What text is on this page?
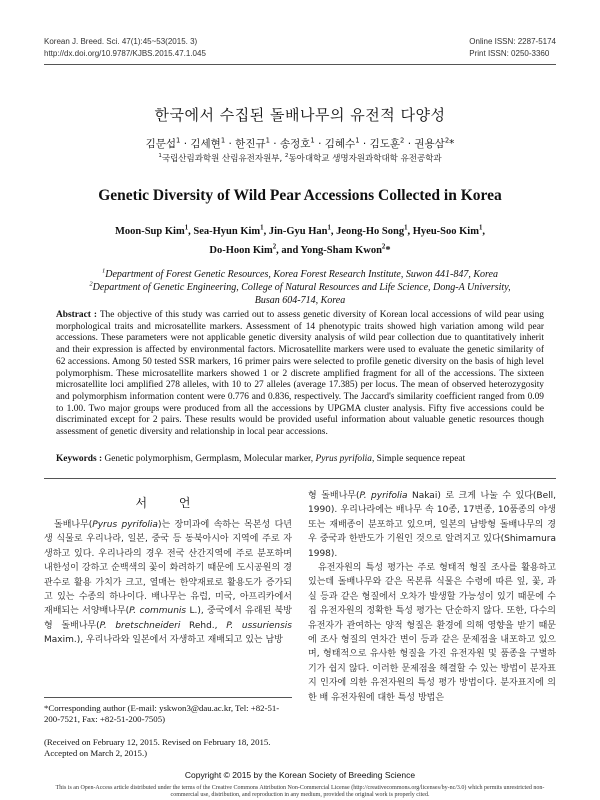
Korean J. Breed. Sci. 47(1):45~53(2015. 3)
http://dx.doi.org/10.9787/KJBS.2015.47.1.045
Online ISSN: 2287-5174
Print ISSN: 0250-3360
한국에서 수집된 돌배나무의 유전적 다양성
김문섭$^1$ · 김세현$^1$ · 한진규$^1$ · 송정호$^1$ · 김혜수$^1$ · 김도훈$^2$ · 권용삼$^2$*
$^1$국립산림과학원 산림유전자원부, $^2$동아대학교 생명자원과학대학 유전공학과
Genetic Diversity of Wild Pear Accessions Collected in Korea
Moon-Sup Kim$^1$, Sea-Hyun Kim$^1$, Jin-Gyu Han$^1$, Jeong-Ho Song$^1$, Hyeu-Soo Kim$^1$,
Do-Hoon Kim$^2$, and Yong-Sham Kwon$^2$*
$^1$Department of Forest Genetic Resources, Korea Forest Research Institute, Suwon 441-847, Korea
$^2$Department of Genetic Engineering, College of Natural Resources and Life Science, Dong-A University,
Busan 604-714, Korea
Abstract : The objective of this study was carried out to assess genetic diversity of Korean local accessions of wild pear using morphological traits and microsatellite markers. Assessment of 14 phenotypic traits showed high variation among wild pear accessions. These parameters were not applicable genetic diversity analysis of wild pear collection due to quantitatively inherit and their expression is affected by environmental factors. Microsatellite markers were used to evaluate the genetic similarity of 62 accessions. Among 50 tested SSR markers, 16 primer pairs were selected to profile genetic diversity on the basis of high level polymorphism. These microsatellite markers showed 1 or 2 discrete amplified fragment for all of the accessions. The sixteen microsatellite loci amplified 278 alleles, with 10 to 27 alleles (average 17.385) per locus. The mean of observed heterozygosity and polymorphism information content were 0.776 and 0.836, respectively. The Jaccard's similarity coefficient ranged from 0.09 to 1.00. Two major groups were produced from all the accessions by UPGMA cluster analysis. Fifty five accessions could be discriminated except for 2 pairs. These results would be provided useful information about valuable genetic resources though assessment of genetic diversity and relationship in local pear accessions.
Keywords : Genetic polymorphism, Germplasm, Molecular marker, Pyrus pyrifolia, Simple sequence repeat
서 언

돌배나무(Pyrus pyrifolia)는 장미과에 속하는 목본성 다년생 식물로 우리나라, 일본, 중국 등 동북아시아 지역에 주로 자생하고 있다. 우리나라의 경우 전국 산간지역에 주로 분포하며 내한성이 강하고 순백색의 꽃이 화려하기 때문에 도시공원의 경관수로 활용 가치가 크고, 열매는 한약재료로 활용도가 증가되고 있는 수종의 하나이다. 배나무는 유럽, 미국, 아프리카에서 재배되는 서양배나무(P. communis L.), 중국에서 유래된 북방형 돌배나무(P. bretschneideri Rehd., P. ussuriensis Maxim.), 우리나라와 일본에서 자생하고 재배되고 있는 남방

형 돌배나무(P. pyrifolia Nakai) 로 크게 나눌 수 있다(Bell, 1990). 우리나라에는 배나무 속 10종, 17변종, 10품종의 야생 또는 재배종이 분포하고 있으며, 일본의 남방형 돌배나무의 경우 중국과 한반도가 기원인 것으로 알려지고 있다(Shimamura 1998).

유전자원의 특성 평가는 주로 형태적 형질 조사를 활용하고 있는데 돌배나무와 같은 목본류 식물은 수령에 따른 잎, 꽃, 과실 등과 같은 형질에서 오차가 발생할 가능성이 있기 때문에 수집 유전자원의 정확한 특성 평가는 단순하지 않다. 또한, 다수의 유전자가 관여하는 양적 형질은 환경에 의해 영향을 받기 때문에 조사 형질의 연차간 변이 등과 같은 문제점을 내포하고 있으며, 형태적으로 유사한 형질을 가진 유전자원 및 품종을 구별하기가 쉽지 않다. 이러한 문제점을 해결할 수 있는 방법이 분자표지 인자에 의한 유전자원의 특성 평가 방법이다. 분자표지에 의한 배 유전자원에 대한 특성 방법은

*Corresponding author (E-mail: yskwon3@dau.ac.kr, Tel: +82-51-200-7521, Fax: +82-51-200-7505)
(Received on February 12, 2015. Revised on February 18, 2015. Accepted on March 2, 2015.)
Copyright © 2015 by the Korean Society of Breeding Science
This is an Open-Access article distributed under the terms of the Creative Commons Attribution Non-Commercial License (http://creativecommons.org/licenses/by-nc/3.0) which permits unrestricted non-commercial use, distribution, and reproduction in any medium, provided the original work is properly cited.
